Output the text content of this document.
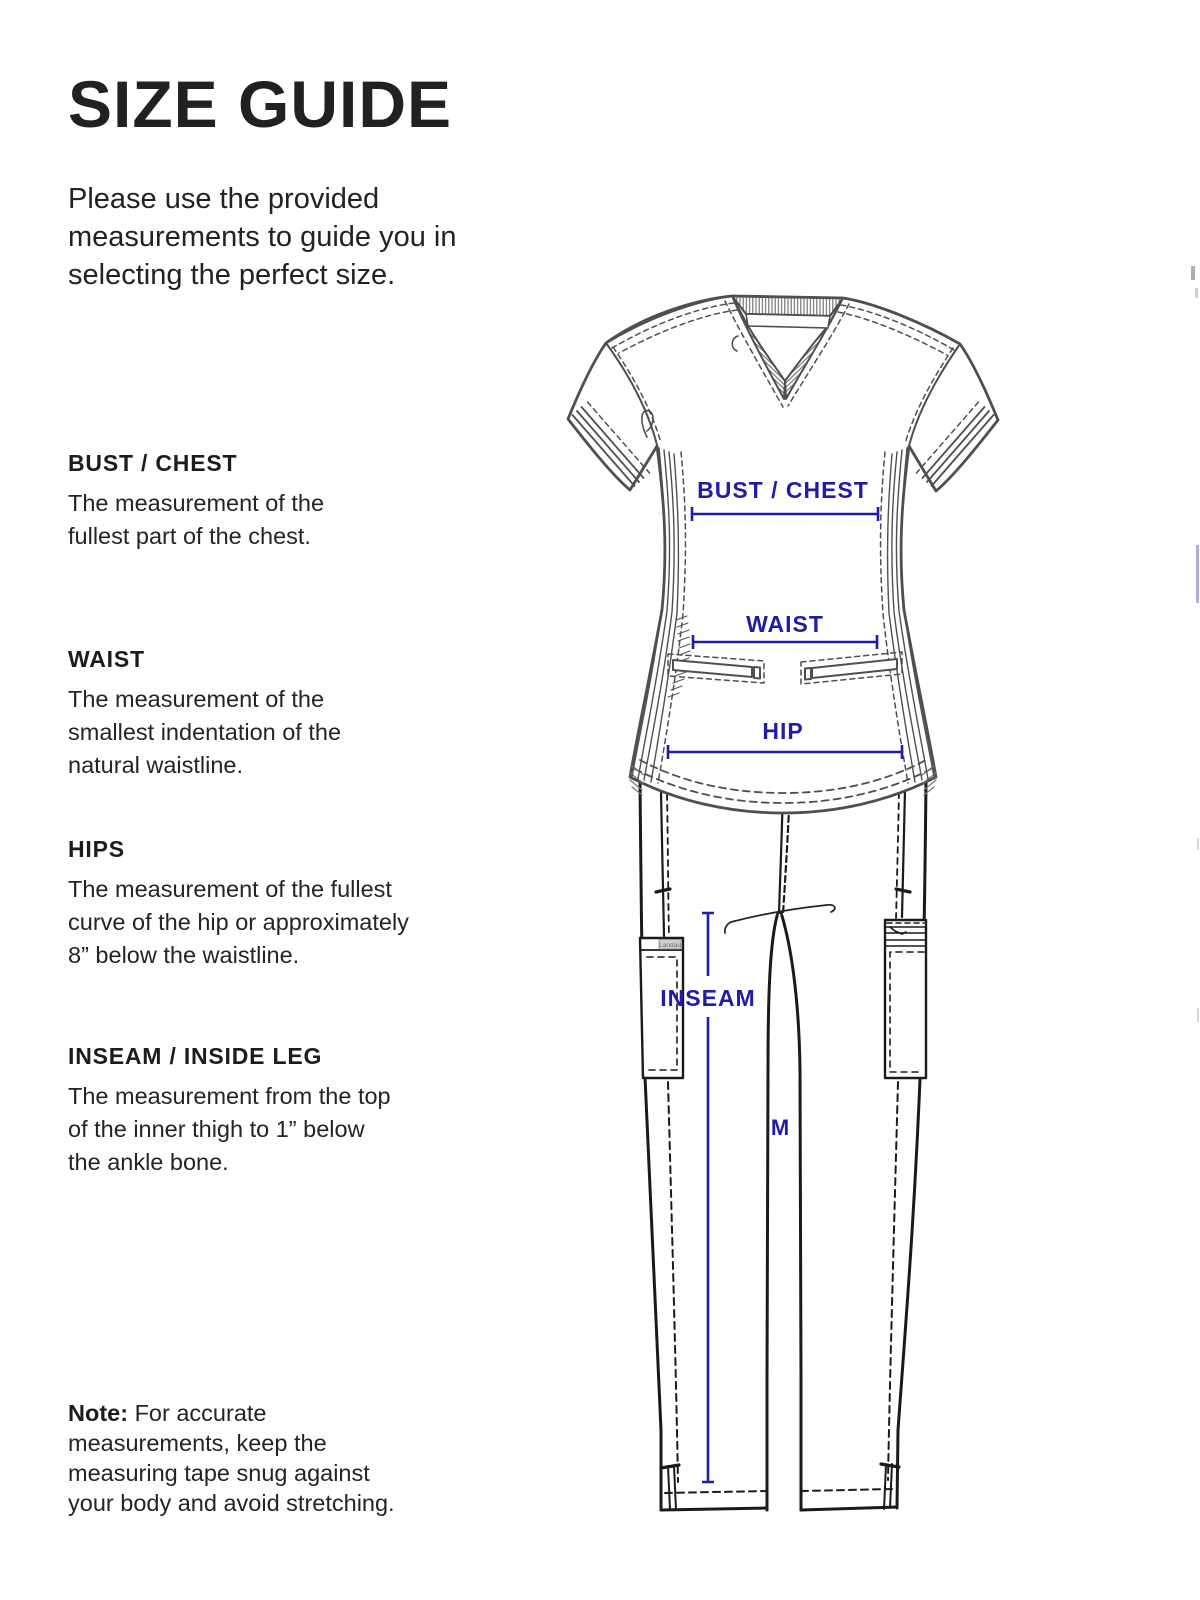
SIZE GUIDE

Please use the provided
measurements to guide you in
selecting the perfect size.

BUST / CHEST

The measurement of the
fullest part of the chest.

WAIST

The measurement of the
smallest indentation of the
natural waistline.

HIPS

The measurement of the fullest
curve of the hip or approximately
8” below the waistline.

INSEAM / INSIDE LEG

The measurement from the top
of the inner thigh to 1” below
the ankle bone.

Note: For accurate
measurements, keep the
measuring tape snug against
your body and avoid stretching.

Landau
BUST / CHEST
WAIST
HIP
INSEAM
M
